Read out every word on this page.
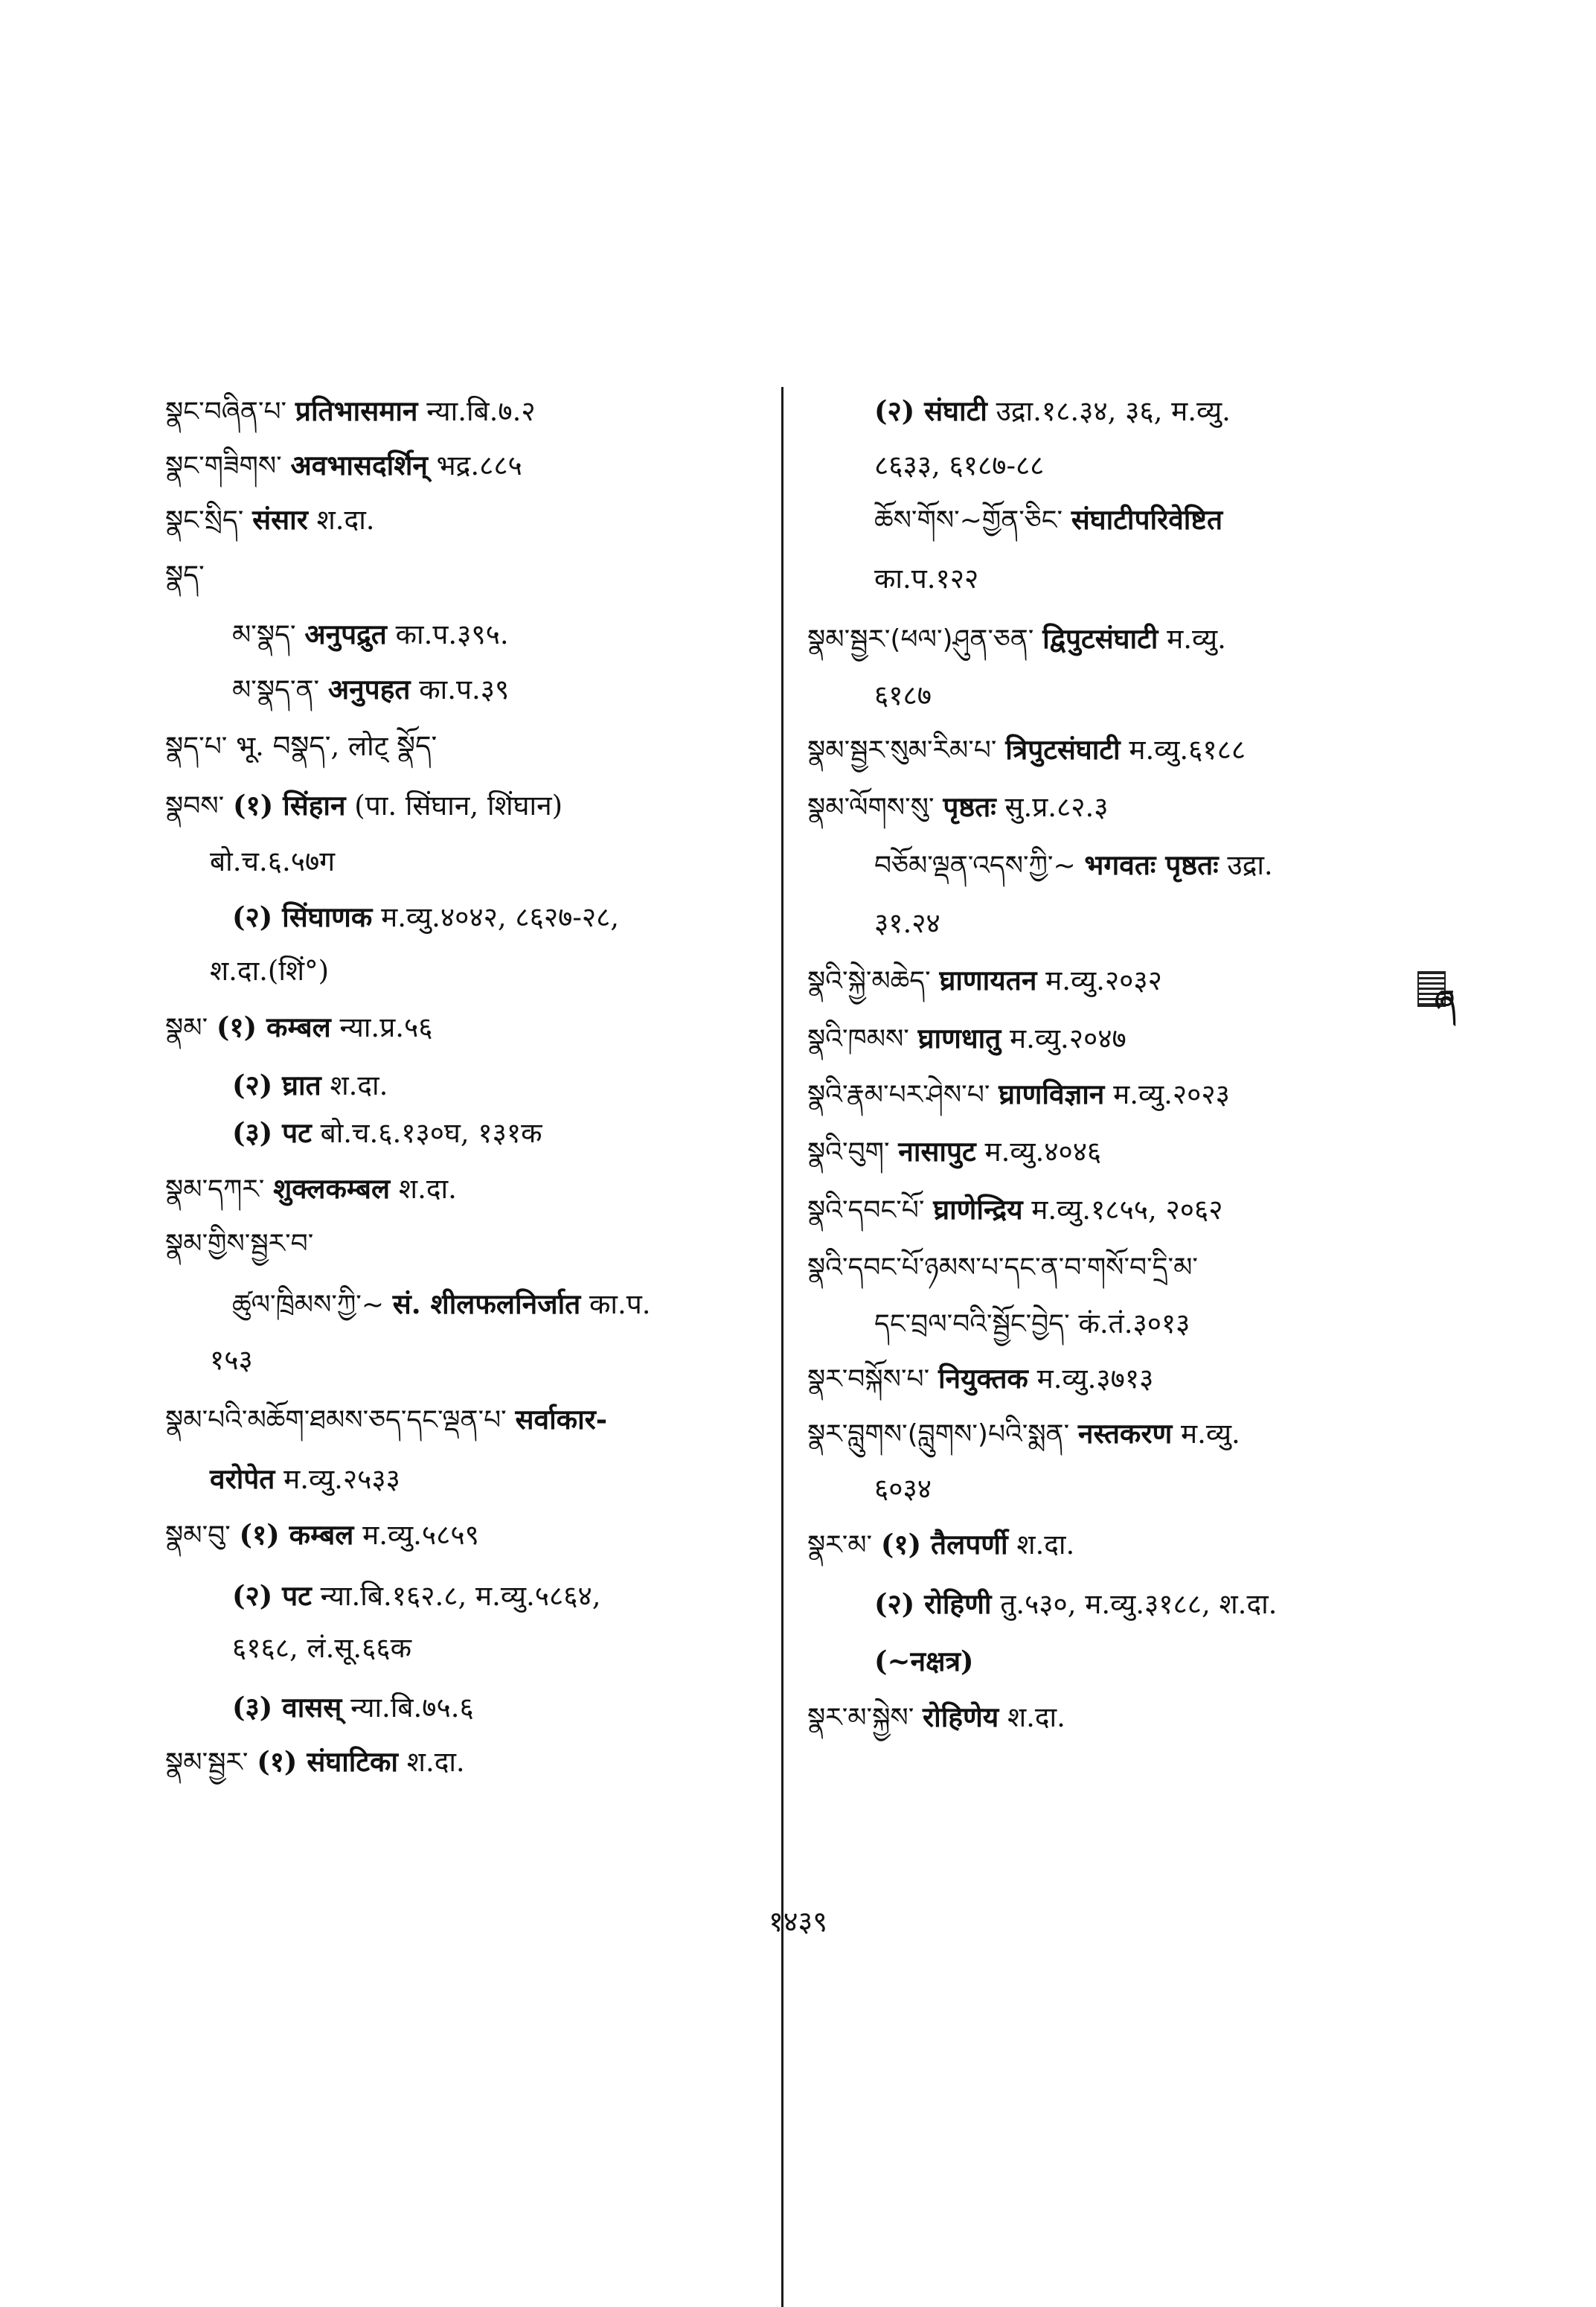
སྣང་བཞིན་པ་ प्रतिभासमान न्या.बि.७.२
སྣང་གཟིགས་ अवभासदर्शिन् भद्र.८८५
སྣང་སྲིད་ संसार श.दा.
སྣད་
མ་སྣད་ अनुपद्रुत का.प.३९५.
མ་སྣད་ན་ अनुपहत का.प.३९
སྣད་པ་ भू. བསྣད་, लोट् སྣོད་
སྣབས་ (१) सिंहान (पा. सिंघान, शिंघान)
बो.च.६.५७ग
(२) सिंघाणक म.व्यु.४०४२, ८६२७-२८,
श.दा.(शिं°)
སྣམ་ (१) कम्बल न्या.प्र.५६
(२) घ्रात श.दा.
(३) पट बो.च.६.१३०घ, १३१क
སྣམ་དཀར་ शुक्लकम्बल श.दा.
སྣམ་གྱིས་སྦྱར་བ་
ཚུལ་ཁྲིམས་ཀྱི་~ सं. शीलफलनिर्जात का.प.
१५३
སྣམ་པའི་མཆོག་ཐམས་ཅད་དང་ལྡན་པ་ सर्वाकार-
वरोपेत म.व्यु.२५३३
སྣམ་བུ་ (१) कम्बल म.व्यु.५८५९
(२) पट न्या.बि.१६२.८, म.व्यु.५८६४,
६१६८, लं.सू.६६क
(३) वासस् न्या.बि.७५.६
སྣམ་སྦྱར་ (१) संघाटिका श.दा.
(२) संघाटी उद्रा.१८.३४, ३६, म.व्यु.
८६३३, ६१८७-८८
ཆོས་གོས་~གྱོན་ཅིང་ संघाटीपरिवेष्टित
का.प.१२२
སྣམ་སྦྱར་(ཕལ་)ཤུན་ཅན་ द्विपुटसंघाटी म.व्यु.
६१८७
སྣམ་སྦྱར་སུམ་རིམ་པ་ त्रिपुटसंघाटी म.व्यु.६१८८
སྣམ་ལོགས་སུ་ पृष्ठतः सु.प्र.८२.३
བཅོམ་ལྡན་འདས་ཀྱི་~ भगवतः पृष्ठतः उद्रा.
३१.२४
སྣའི་སྐྱེ་མཆེད་ घ्राणायतन म.व्यु.२०३२
སྣའི་ཁམས་ घ्राणधातु म.व्यु.२०४७
སྣའི་རྣམ་པར་ཤེས་པ་ घ्राणविज्ञान म.व्यु.२०२३
སྣའི་བུག་ नासापुट म.व्यु.४०४६
སྣའི་དབང་པོ་ घ्राणेन्द्रिय म.व्यु.१८५५, २०६२
སྣའི་དབང་པོ་ཉམས་པ་དང་ན་བ་གསོ་བ་དྲི་མ་
དང་བྲལ་བའི་སྦྱོང་བྱེད་ कं.तं.३०१३
སྣར་བསྐོས་པ་ नियुक्तक म.व्यु.३७१३
སྣར་བླུགས་(བླུགས་)པའི་སྨན་ नस्तकरण म.व्यु.
६०३४
སྣར་མ་ (१) तैलपर्णी श.दा.
(२) रोहिणी तु.५३०, म.व्यु.३१८८, श.दा.
(~नक्षत्र)
སྣར་མ་སྐྱེས་ रोहिणेय श.दा.
ཞ
१४३९
